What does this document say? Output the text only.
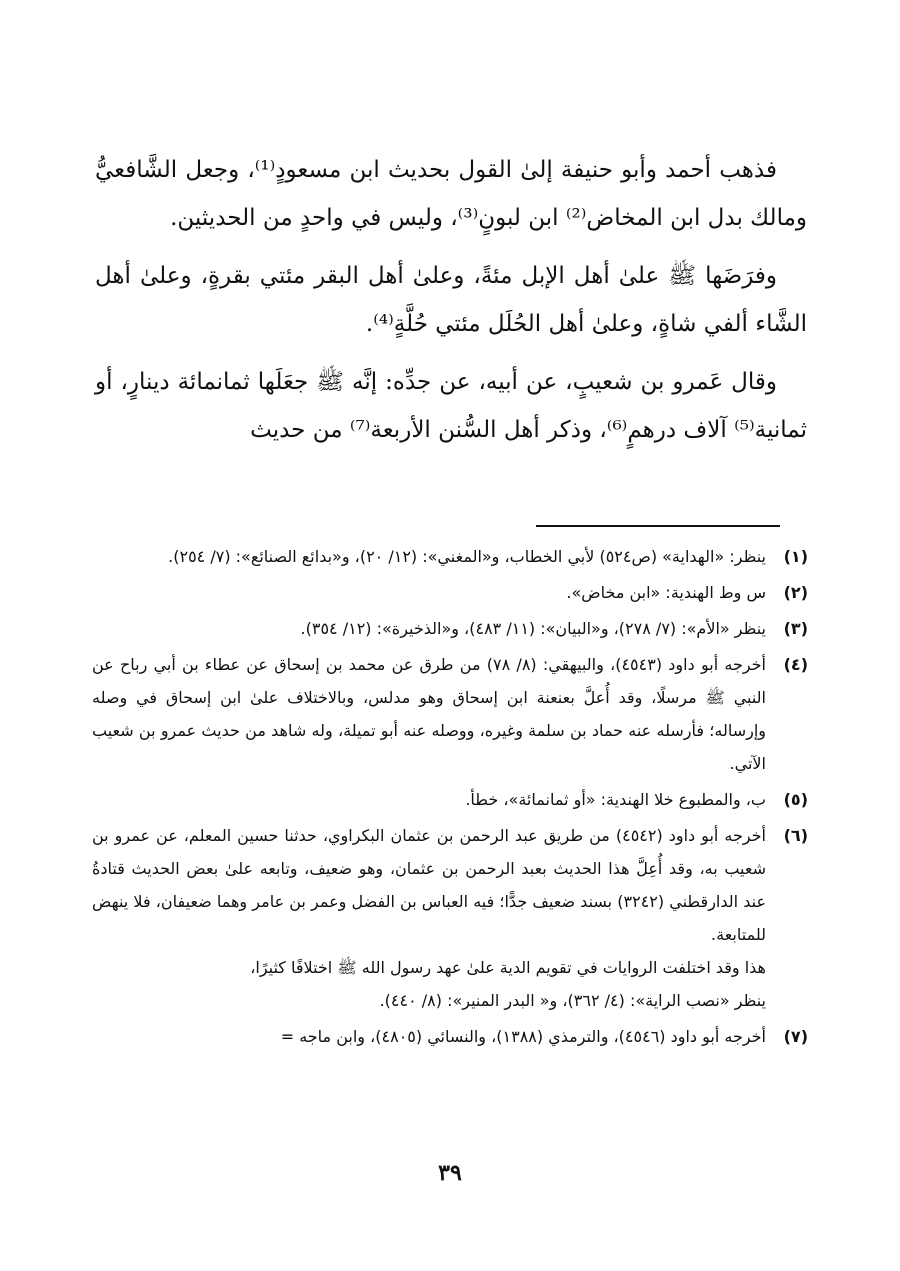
فذهب أحمد وأبو حنيفة إلىٰ القول بحديث ابن مسعودٍ⁽¹⁾، وجعل الشَّافعيُّ ومالك بدل ابن المخاض⁽²⁾ ابن لبونٍ⁽³⁾، وليس في واحدٍ من الحديثين.

وفرَضَها ﷺ علىٰ أهل الإبل مئةً، وعلىٰ أهل البقر مئتي بقرةٍ، وعلىٰ أهل الشَّاء ألفي شاةٍ، وعلىٰ أهل الحُلَل مئتي حُلَّةٍ⁽⁴⁾.

وقال عَمرو بن شعيبٍ، عن أبيه، عن جدِّه: إنَّه ﷺ جعَلَها ثمانمائة دينارٍ، أو ثمانية⁽⁵⁾ آلاف درهمٍ⁽⁶⁾، وذكر أهل السُّنن الأربعة⁽⁷⁾ من حديث

(١)
ينظر: «الهداية» (ص٥٢٤) لأبي الخطاب، و«المغني»: (١٢/ ٢٠)، و«بدائع الصنائع»: (٧/ ٢٥٤).
(٢)
س وط الهندية: «ابن مخاض».
(٣)
ينظر «الأم»: (٧/ ٢٧٨)، و«البيان»: (١١/ ٤٨٣)، و«الذخيرة»: (١٢/ ٣٥٤).
(٤)
أخرجه أبو داود (٤٥٤٣)، والبيهقي: (٨/ ٧٨) من طرق عن محمد بن إسحاق عن عطاء بن أبي رباح عن النبي ﷺ مرسلًا، وقد أُعلَّ بعنعنة ابن إسحاق وهو مدلس، وبالاختلاف علىٰ ابن إسحاق في وصله وإرساله؛ فأرسله عنه حماد بن سلمة وغيره، ووصله عنه أبو تميلة، وله شاهد من حديث عمرو بن شعيب الآتي.
(٥)
ب، والمطبوع خلا الهندية: «أو ثمانمائة»، خطأ.
(٦)
أخرجه أبو داود (٤٥٤٢) من طريق عبد الرحمن بن عثمان البكراوي، حدثنا حسين المعلم، عن عمرو بن شعيب به، وقد أُعِلَّ هذا الحديث بعبد الرحمن بن عثمان، وهو ضعيف، وتابعه علىٰ بعض الحديث قتادةُ عند الدارقطني (٣٢٤٢) بسند ضعيف جدًّا؛ فيه العباس بن الفضل وعمر بن عامر وهما ضعيفان، فلا ينهض للمتابعة.
هذا وقد اختلفت الروايات في تقويم الدية علىٰ عهد رسول الله ﷺ اختلافًا كثيرًا،
ينظر «نصب الراية»: (٤/ ٣٦٢)، و« البدر المنير»: (٨/ ٤٤٠).
(٧)
أخرجه أبو داود (٤٥٤٦)، والترمذي (١٣٨٨)، والنسائي (٤٨٠٥)، وابن ماجه =
٣٩
